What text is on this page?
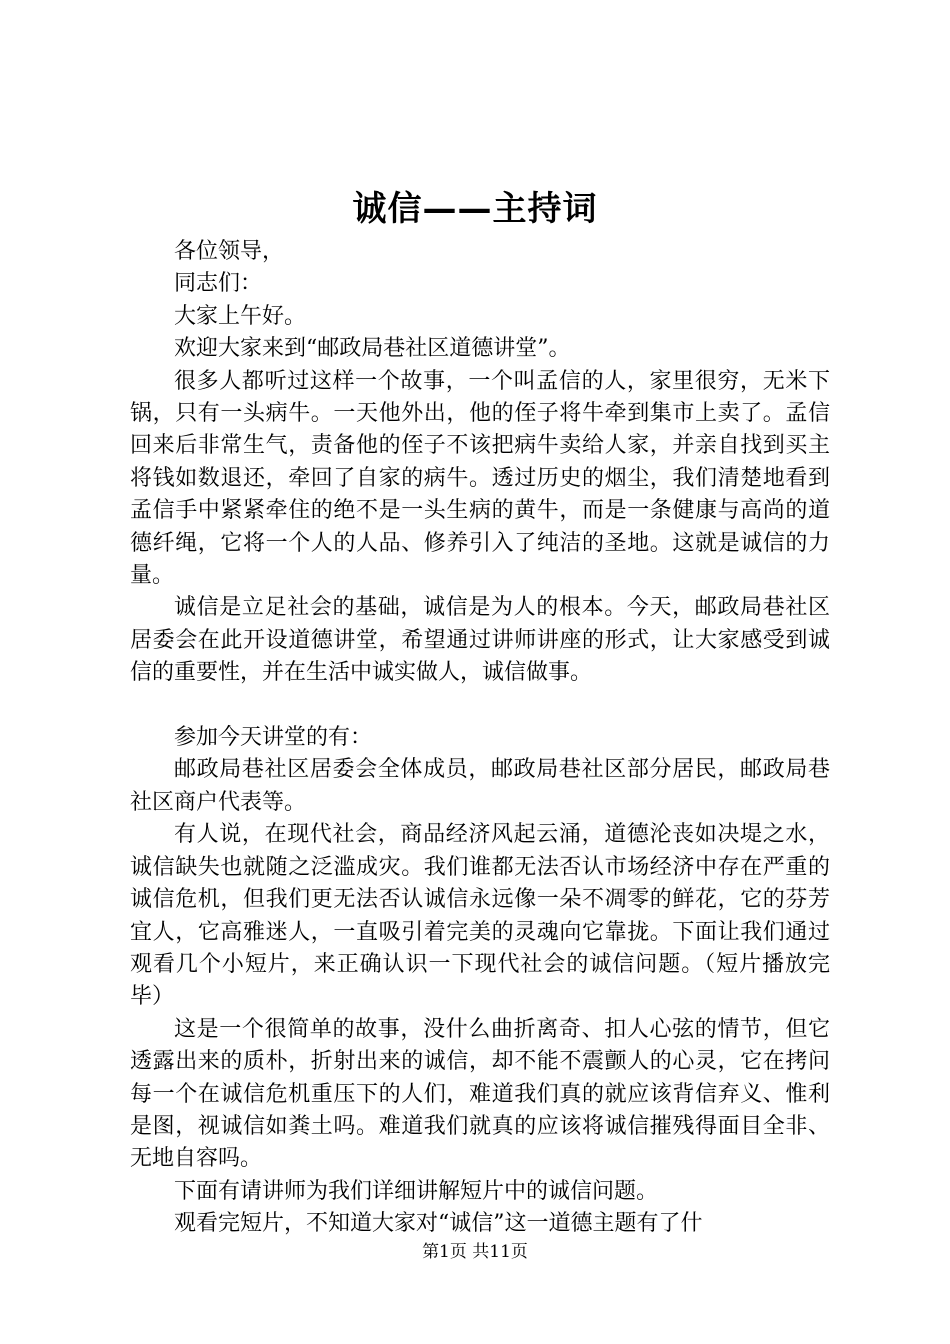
诚信——主持词

各位领导，

同志们：

大家上午好。

欢迎大家来到“邮政局巷社区道德讲堂”。

很多人都听过这样一个故事，一个叫孟信的人，家里很穷，无米下锅，只有一头病牛。一天他外出，他的侄子将牛牵到集市上卖了。孟信回来后非常生气，责备他的侄子不该把病牛卖给人家，并亲自找到买主将钱如数退还，牵回了自家的病牛。透过历史的烟尘，我们清楚地看到孟信手中紧紧牵住的绝不是一头生病的黄牛，而是一条健康与高尚的道德纤绳，它将一个人的人品、修养引入了纯洁的圣地。这就是诚信的力量。

诚信是立足社会的基础，诚信是为人的根本。今天，邮政局巷社区居委会在此开设道德讲堂，希望通过讲师讲座的形式，让大家感受到诚信的重要性，并在生活中诚实做人，诚信做事。

参加今天讲堂的有：

邮政局巷社区居委会全体成员，邮政局巷社区部分居民，邮政局巷社区商户代表等。

有人说，在现代社会，商品经济风起云涌，道德沦丧如决堤之水，诚信缺失也就随之泛滥成灾。我们谁都无法否认市场经济中存在严重的诚信危机，但我们更无法否认诚信永远像一朵不凋零的鲜花，它的芬芳宜人，它高雅迷人，一直吸引着完美的灵魂向它靠拢。下面让我们通过观看几个小短片，来正确认识一下现代社会的诚信问题。（短片播放完毕）

这是一个很简单的故事，没什么曲折离奇、扣人心弦的情节，但它透露出来的质朴，折射出来的诚信，却不能不震颤人的心灵，它在拷问每一个在诚信危机重压下的人们，难道我们真的就应该背信弃义、惟利是图，视诚信如粪土吗。难道我们就真的应该将诚信摧残得面目全非、无地自容吗。

下面有请讲师为我们详细讲解短片中的诚信问题。

观看完短片，不知道大家对“诚信”这一道德主题有了什

第1页 共11页
